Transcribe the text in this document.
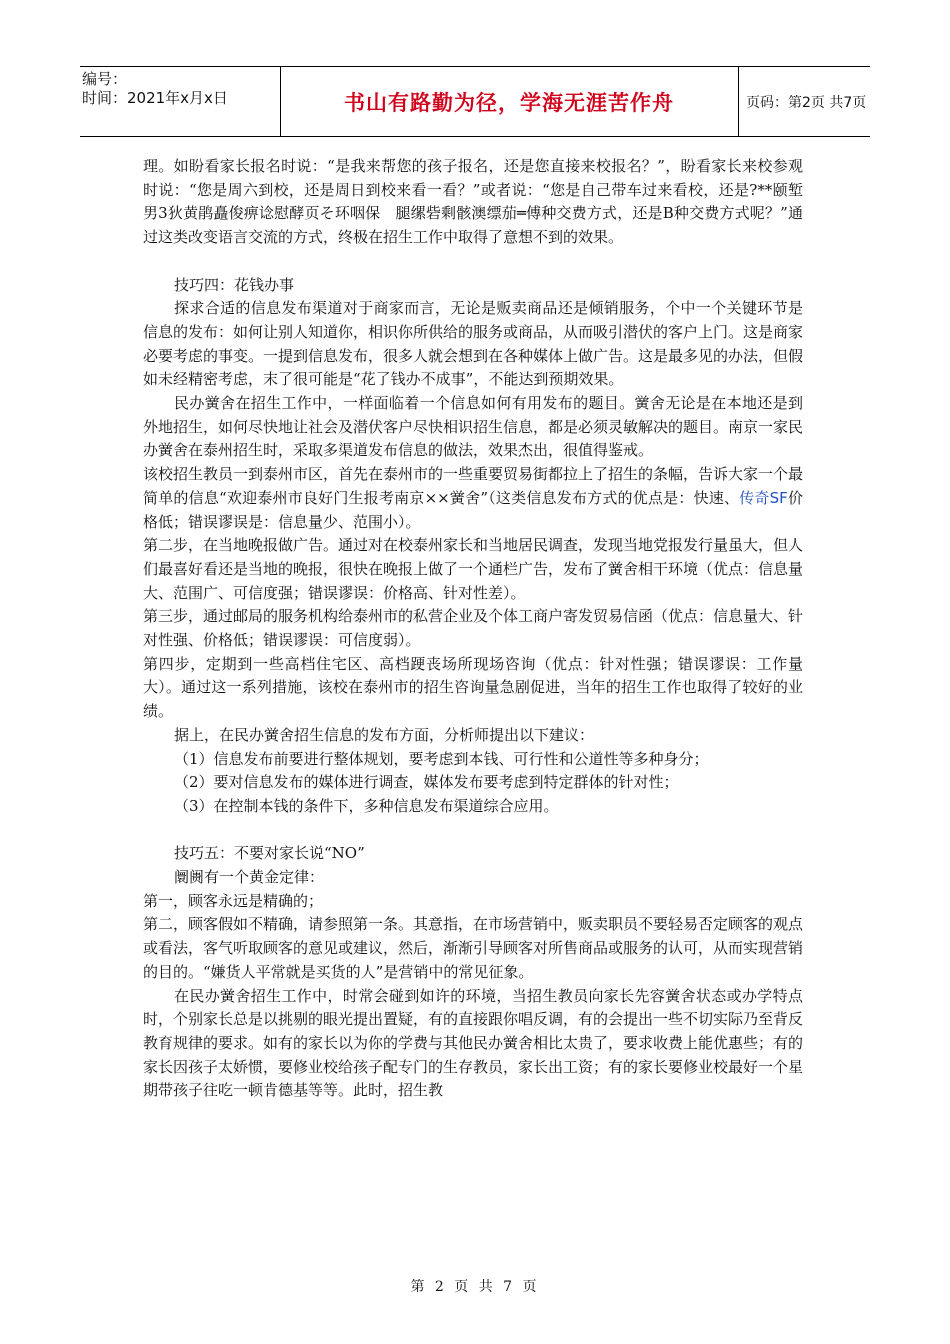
编号：
时间：2021年x月x日	书山有路勤为径，学海无涯苦作舟	页码：第2页 共7页

理。如盼看家长报名时说：“是我来帮您的孩子报名，还是您直接来校报名？”，盼看家长来校参观时说：“您是周六到校，还是周日到校来看一看？”或者说：“您是自己带车过来看校，还是?**颐堑男3狄黄鹃矗俊痹谂慰酵页そ环咽保　腿缧砦剩骸澳缥茄═傅种交费方式，还是B种交费方式呢？”通过这类改变语言交流的方式，终极在招生工作中取得了意想不到的效果。

技巧四：花钱办事

探求合适的信息发布渠道对于商家而言，无论是贩卖商品还是倾销服务，个中一个关键环节是信息的发布：如何让别人知道你，相识你所供给的服务或商品，从而吸引潜伏的客户上门。这是商家必要考虑的事变。一提到信息发布，很多人就会想到在各种媒体上做广告。这是最多见的办法，但假如未经精密考虑，末了很可能是“花了钱办不成事”，不能达到预期效果。

民办黉舍在招生工作中，一样面临着一个信息如何有用发布的题目。黉舍无论是在本地还是到外地招生，如何尽快地让社会及潜伏客户尽快相识招生信息，都是必须灵敏解决的题目。南京一家民办黉舍在泰州招生时，采取多渠道发布信息的做法，效果杰出，很值得鉴戒。

该校招生教员一到泰州市区，首先在泰州市的一些重要贸易街都拉上了招生的条幅，告诉大家一个最简单的信息“欢迎泰州市良好门生报考南京××黉舍”（这类信息发布方式的优点是：快速、传奇SF价格低；错误谬误是：信息量少、范围小）。

第二步，在当地晚报做广告。通过对在校泰州家长和当地居民调查，发现当地党报发行量虽大，但人们最喜好看还是当地的晚报，很快在晚报上做了一个通栏广告，发布了黉舍相干环境（优点：信息量大、范围广、可信度强；错误谬误：价格高、针对性差）。

第三步，通过邮局的服务机构给泰州市的私营企业及个体工商户寄发贸易信函（优点：信息量大、针对性强、价格低；错误谬误：可信度弱）。

第四步，定期到一些高档住宅区、高档𨁈丧场所现场咨询（优点：针对性强；错误谬误：工作量大）。通过这一系列措施，该校在泰州市的招生咨询量急剧促进，当年的招生工作也取得了较好的业绩。

据上，在民办黉舍招生信息的发布方面，分析师提出以下建议：

（1）信息发布前要进行整体规划，要考虑到本钱、可行性和公道性等多种身分；

（2）要对信息发布的媒体进行调查，媒体发布要考虑到特定群体的针对性；

（3）在控制本钱的条件下，多种信息发布渠道综合应用。

技巧五：不要对家长说“NO”

阛阓有一个黄金定律：

第一，顾客永远是精确的；

第二，顾客假如不精确，请参照第一条。其意指，在市场营销中，贩卖职员不要轻易否定顾客的观点或看法，客气听取顾客的意见或建议，然后，渐渐引导顾客对所售商品或服务的认可，从而实现营销的目的。“嫌货人平常就是买货的人”是营销中的常见征象。

在民办黉舍招生工作中，时常会碰到如许的环境，当招生教员向家长先容黉舍状态或办学特点时，个别家长总是以挑剔的眼光提出置疑，有的直接跟你唱反调，有的会提出一些不切实际乃至背反教育规律的要求。如有的家长以为你的学费与其他民办黉舍相比太贵了，要求收费上能优惠些；有的家长因孩子太娇惯，要修业校给孩子配专门的生存教员，家长出工资；有的家长要修业校最好一个星期带孩子往吃一顿肯德基等等。此时，招生教

第 2 页 共 7 页
